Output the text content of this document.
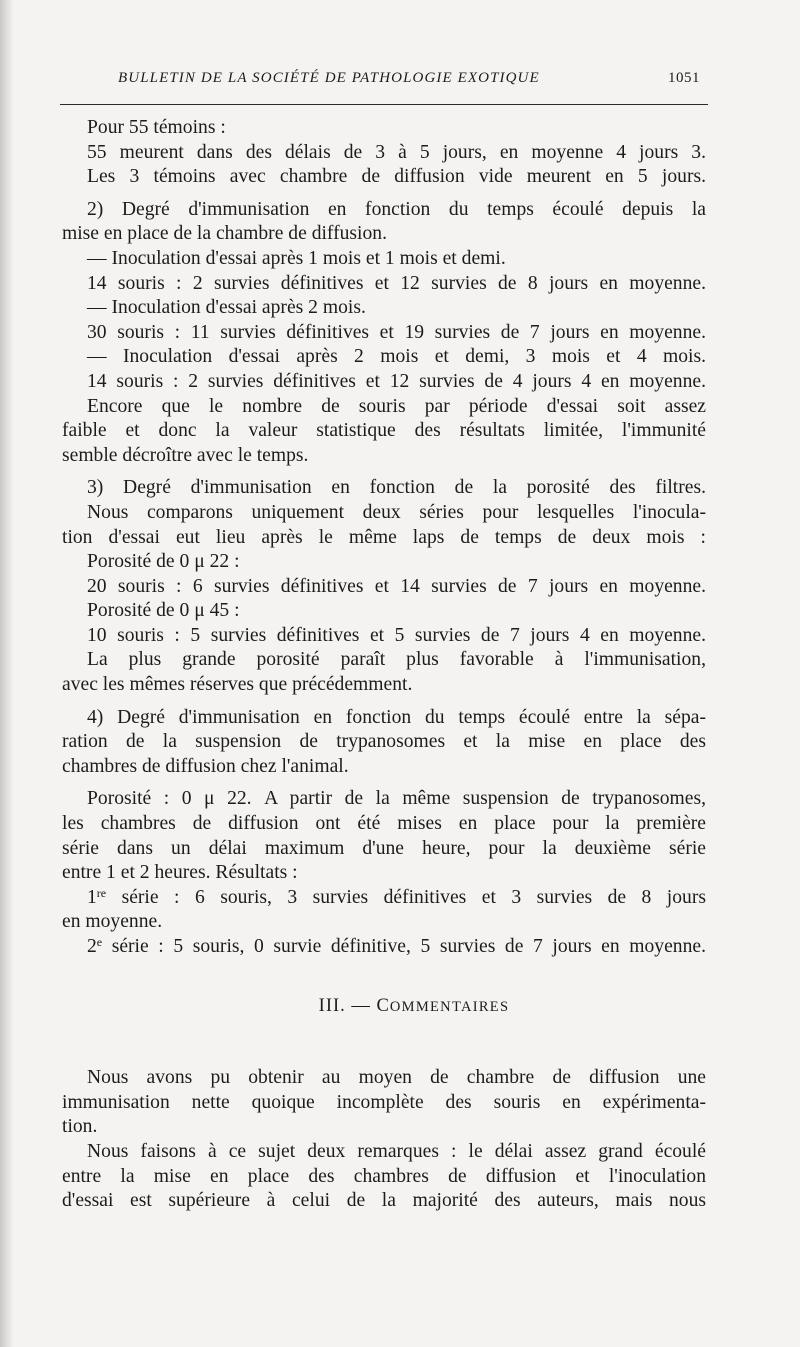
BULLETIN DE LA SOCIÉTÉ DE PATHOLOGIE EXOTIQUE	1051
Pour 55 témoins :
55 meurent dans des délais de 3 à 5 jours, en moyenne 4 jours 3.
Les 3 témoins avec chambre de diffusion vide meurent en 5 jours.
2) Degré d'immunisation en fonction du temps écoulé depuis la
mise en place de la chambre de diffusion.
— Inoculation d'essai après 1 mois et 1 mois et demi.
14 souris : 2 survies définitives et 12 survies de 8 jours en moyenne.
— Inoculation d'essai après 2 mois.
30 souris : 11 survies définitives et 19 survies de 7 jours en moyenne.
— Inoculation d'essai après 2 mois et demi, 3 mois et 4 mois.
14 souris : 2 survies définitives et 12 survies de 4 jours 4 en moyenne.
Encore que le nombre de souris par période d'essai soit assez
faible et donc la valeur statistique des résultats limitée, l'immunité
semble décroître avec le temps.
3) Degré d'immunisation en fonction de la porosité des filtres.
Nous comparons uniquement deux séries pour lesquelles l'inocula-
tion d'essai eut lieu après le même laps de temps de deux mois :
Porosité de 0 μ 22 :
20 souris : 6 survies définitives et 14 survies de 7 jours en moyenne.
Porosité de 0 μ 45 :
10 souris : 5 survies définitives et 5 survies de 7 jours 4 en moyenne.
La plus grande porosité paraît plus favorable à l'immunisation,
avec les mêmes réserves que précédemment.
4) Degré d'immunisation en fonction du temps écoulé entre la sépa-
ration de la suspension de trypanosomes et la mise en place des
chambres de diffusion chez l'animal.
Porosité : 0 μ 22. A partir de la même suspension de trypanosomes,
les chambres de diffusion ont été mises en place pour la première
série dans un délai maximum d'une heure, pour la deuxième série
entre 1 et 2 heures. Résultats :
1re série : 6 souris, 3 survies définitives et 3 survies de 8 jours
en moyenne.
2e série : 5 souris, 0 survie définitive, 5 survies de 7 jours en moyenne.
III. — COMMENTAIRES
Nous avons pu obtenir au moyen de chambre de diffusion une
immunisation nette quoique incomplète des souris en expérimenta-
tion.
Nous faisons à ce sujet deux remarques : le délai assez grand écoulé
entre la mise en place des chambres de diffusion et l'inoculation
d'essai est supérieure à celui de la majorité des auteurs, mais nous
